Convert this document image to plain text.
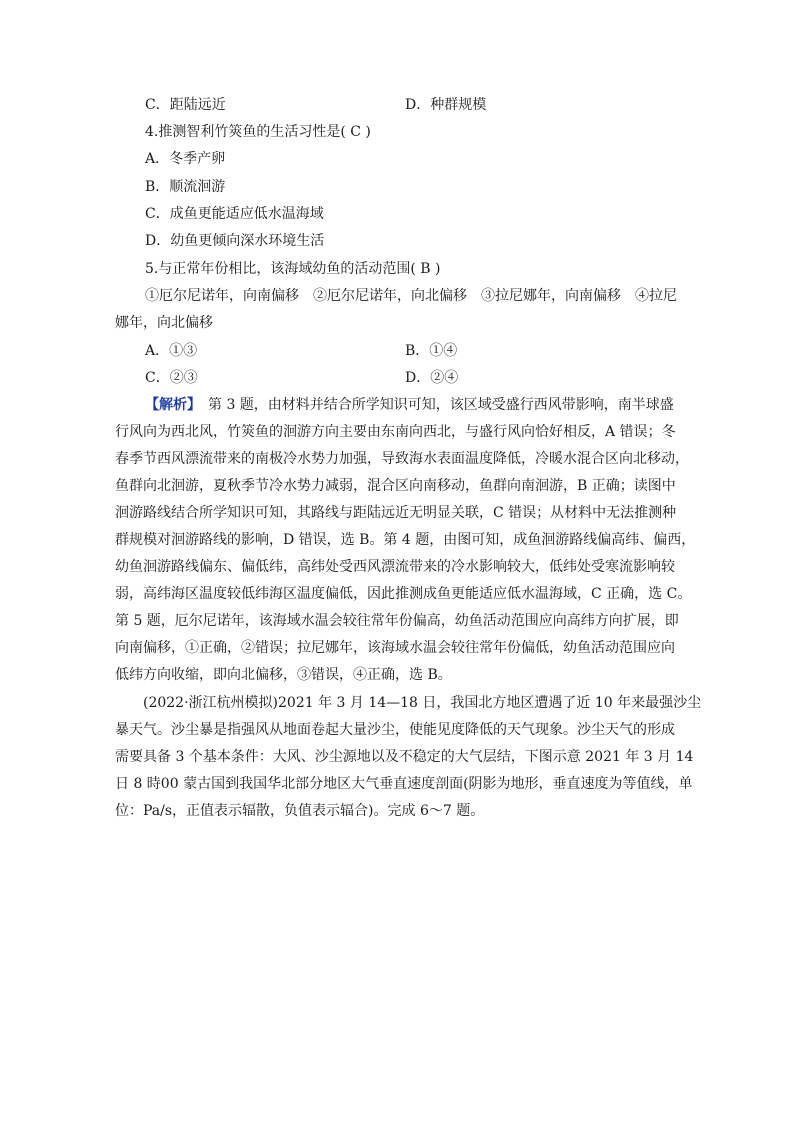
C．距陆远近	D．种群规模
4.推测智利竹筴鱼的生活习性是( C )
A．冬季产卵
B．顺流洄游
C．成鱼更能适应低水温海域
D．幼鱼更倾向深水环境生活
5.与正常年份相比，该海域幼鱼的活动范围( B )
①厄尔尼诺年，向南偏移　②厄尔尼诺年，向北偏移　③拉尼娜年，向南偏移　④拉尼
娜年，向北偏移
A．①③	B．①④
C．②③	D．②④

【解析】　第 3 题，由材料并结合所学知识可知，该区域受盛行西风带影响，南半球盛

行风向为西北风，竹筴鱼的洄游方向主要由东南向西北，与盛行风向恰好相反，A 错误；冬

春季节西风漂流带来的南极冷水势力加强，导致海水表面温度降低，冷暖水混合区向北移动，

鱼群向北洄游，夏秋季节冷水势力减弱，混合区向南移动，鱼群向南洄游，B 正确；读图中

洄游路线结合所学知识可知，其路线与距陆远近无明显关联，C 错误；从材料中无法推测种

群规模对洄游路线的影响，D 错误，选 B。第 4 题，由图可知，成鱼洄游路线偏高纬、偏西，

幼鱼洄游路线偏东、偏低纬，高纬处受西风漂流带来的冷水影响较大，低纬处受寒流影响较

弱，高纬海区温度较低纬海区温度偏低，因此推测成鱼更能适应低水温海域，C 正确，选 C。

第 5 题，厄尔尼诺年，该海域水温会较往常年份偏高，幼鱼活动范围应向高纬方向扩展，即

向南偏移，①正确，②错误；拉尼娜年，该海域水温会较往常年份偏低，幼鱼活动范围应向

低纬方向收缩，即向北偏移，③错误，④正确，选 B。

　　(2022·浙江杭州模拟)2021 年 3 月 14—18 日，我国北方地区遭遇了近 10 年来最强沙尘

暴天气。沙尘暴是指强风从地面卷起大量沙尘，使能见度降低的天气现象。沙尘天气的形成

需要具备 3 个基本条件：大风、沙尘源地以及不稳定的大气层结，下图示意 2021 年 3 月 14

日 8 時00 蒙古国到我国华北部分地区大气垂直速度剖面(阴影为地形，垂直速度为等值线，单

位：Pa/s，正值表示辐散，负值表示辐合)。完成 6～7 题。
